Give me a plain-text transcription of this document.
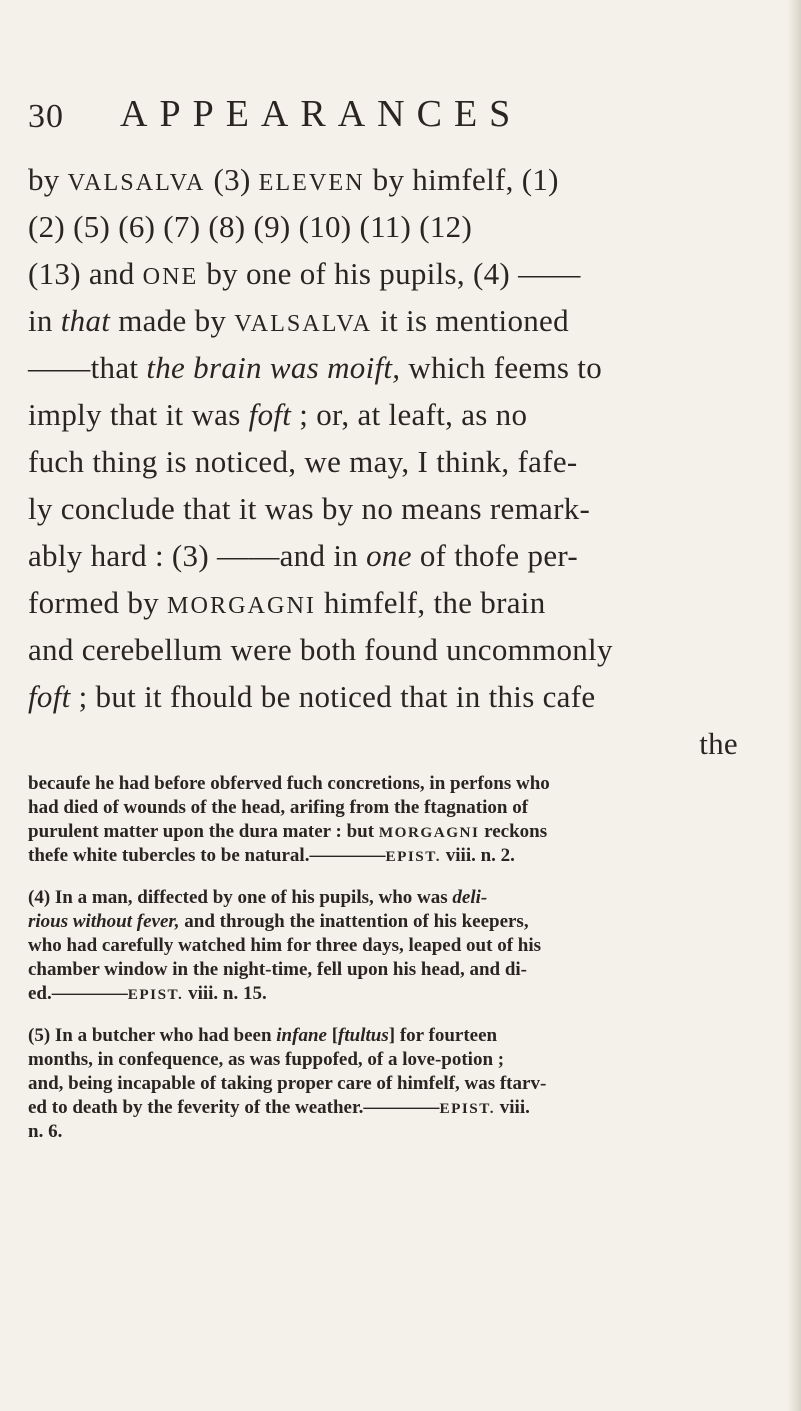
30 APPEARANCES
by VALSALVA (3) ELEVEN by himfelf, (1)
(2) (5) (6) (7) (8) (9) (10) (11) (12)
(13) and ONE by one of his pupils, (4) ——
in that made by VALSALVA it is mentioned
——that the brain was moift, which feems to
imply that it was foft ; or, at leaft, as no
fuch thing is noticed, we may, I think, fafe-
ly conclude that it was by no means remark-
ably hard : (3) ——and in one of thofe per-
formed by MORGAGNI himfelf, the brain
and cerebellum were both found uncommonly
foft ; but it fhould be noticed that in this cafe
the
becaufe he had before obferved fuch concretions, in perfons who
had died of wounds of the head, arifing from the ftagnation of
purulent matter upon the dura mater : but MORGAGNI reckons
thefe white tubercles to be natural.————EPIST. viii. n. 2.
(4) In a man, diffected by one of his pupils, who was deli-
rious without fever, and through the inattention of his keepers,
who had carefully watched him for three days, leaped out of his
chamber window in the night-time, fell upon his head, and di-
ed.————EPIST. viii. n. 15.
(5) In a butcher who had been infane [ftultus] for fourteen
months, in confequence, as was fuppofed, of a love-potion ;
and, being incapable of taking proper care of himfelf, was ftarv-
ed to death by the feverity of the weather.————EPIST. viii.
n. 6.
